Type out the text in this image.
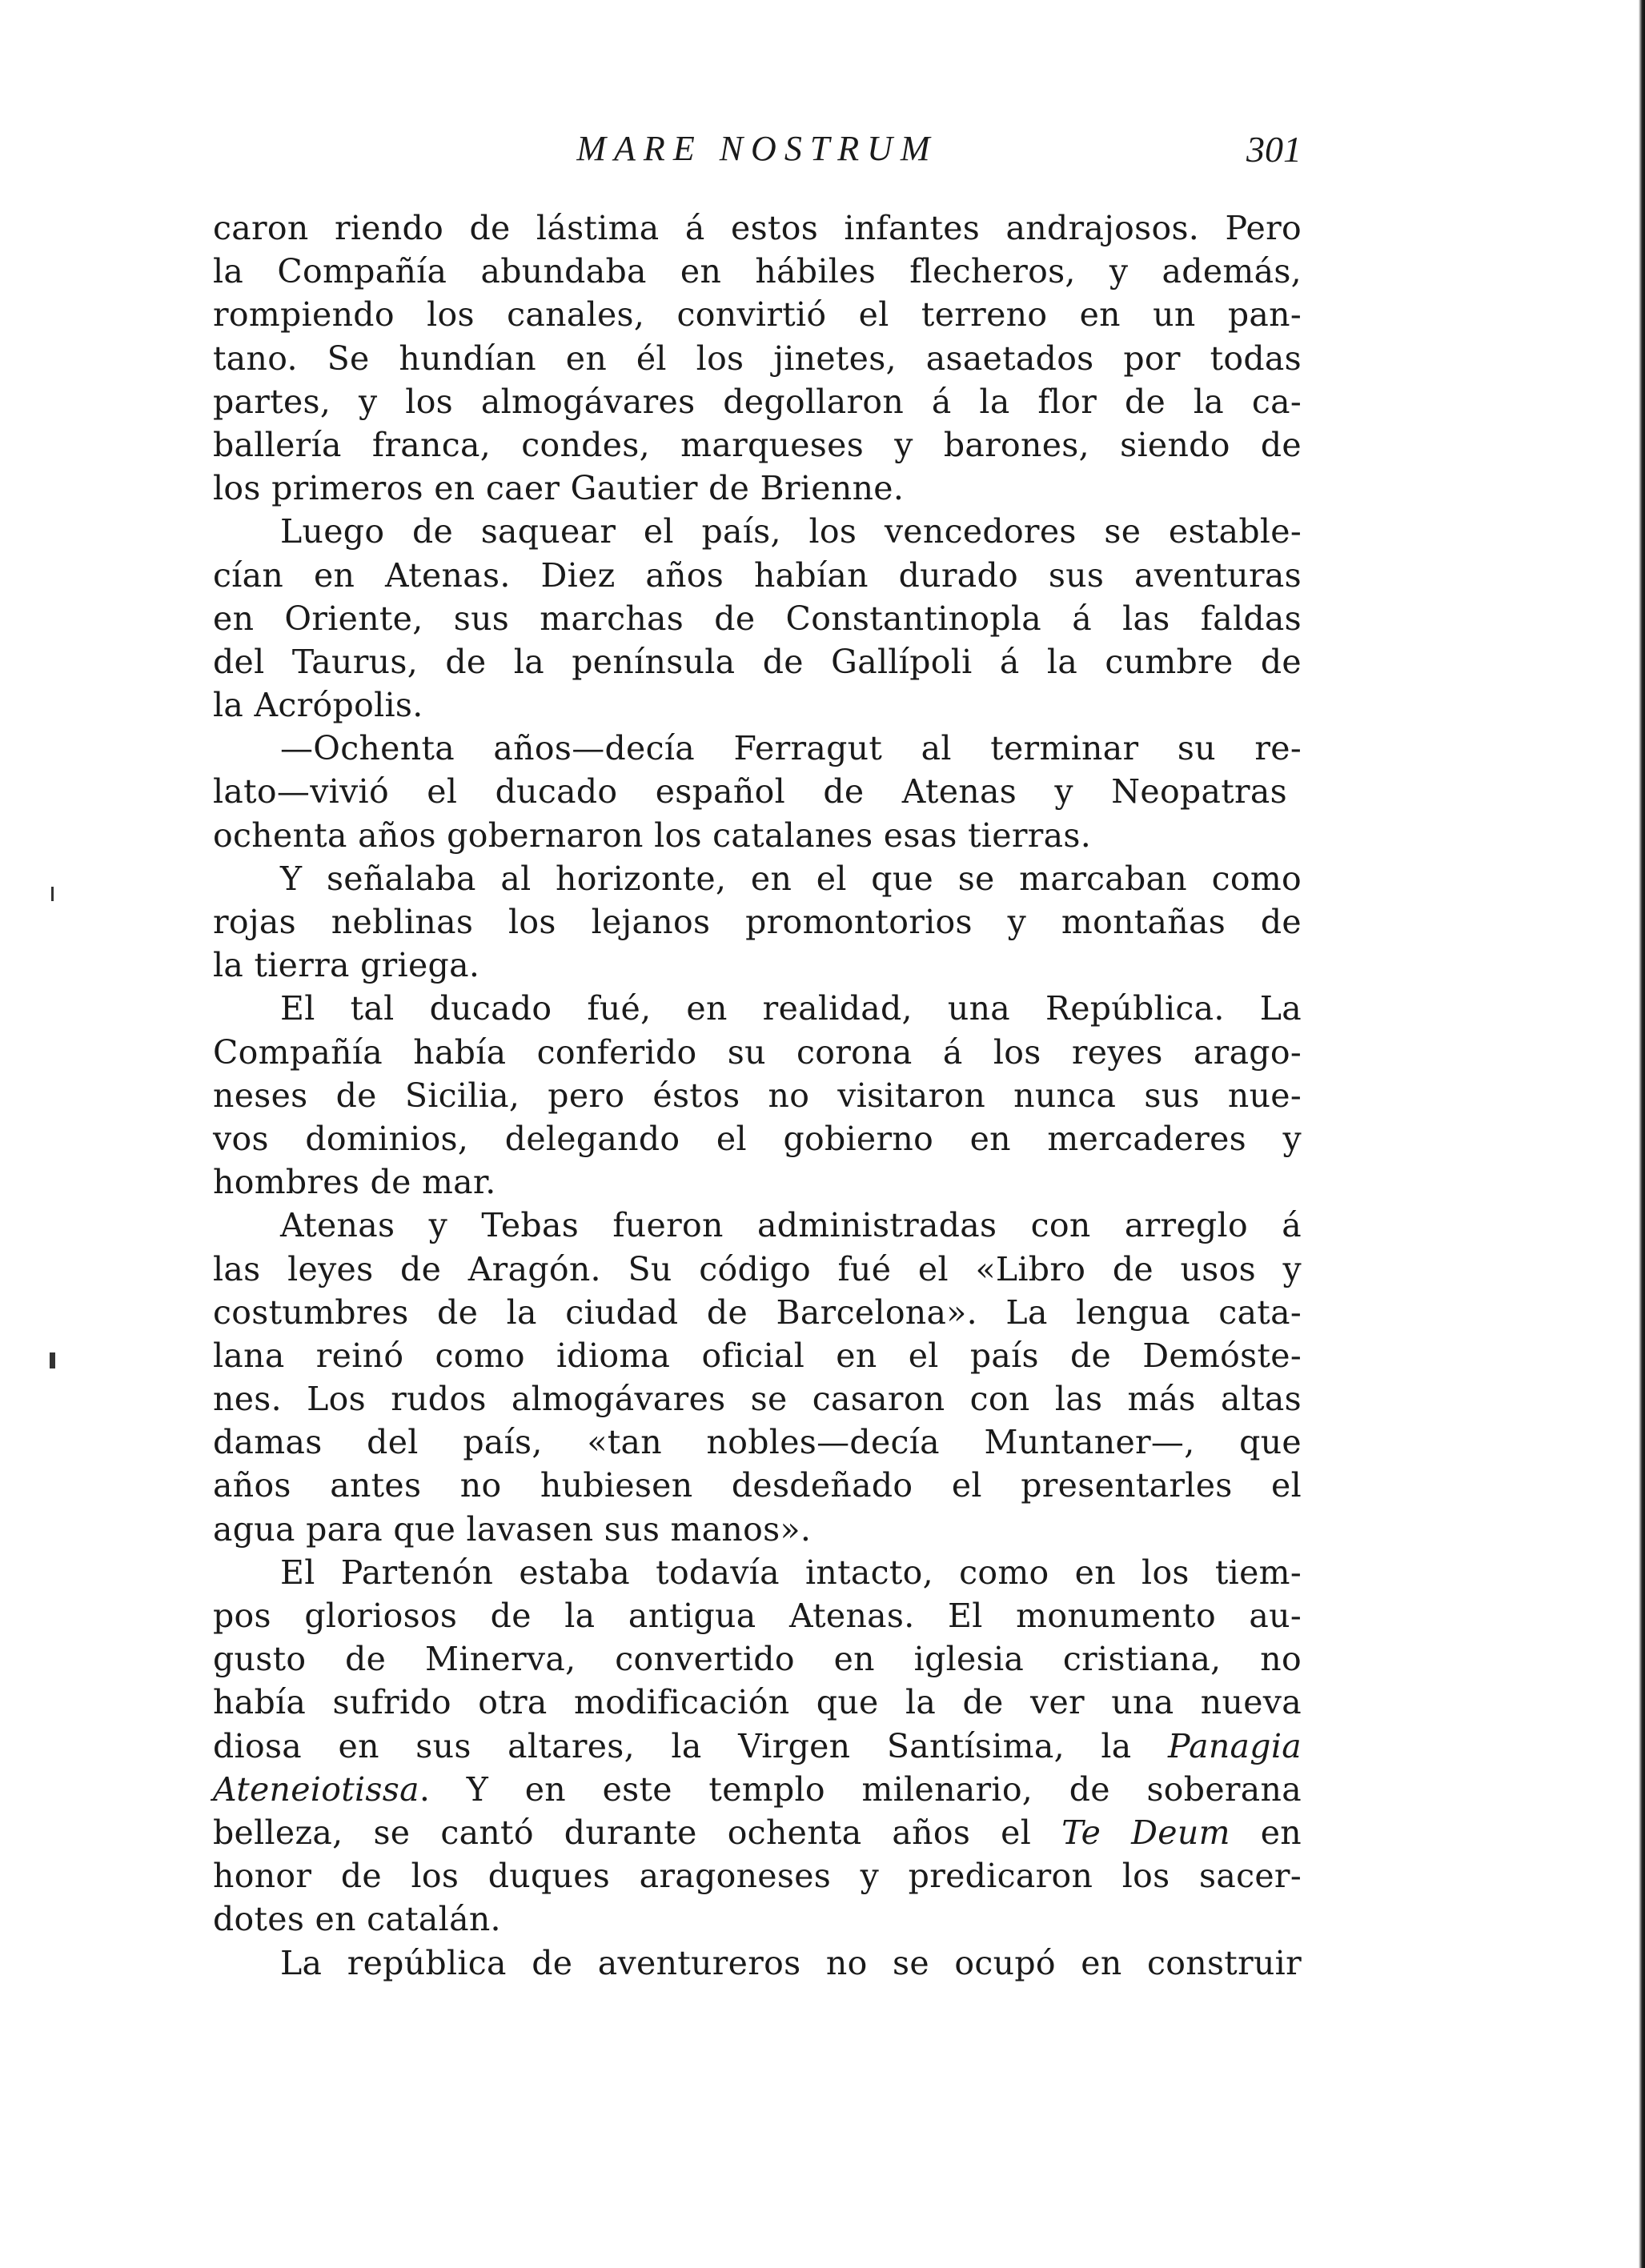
MARE NOSTRUM	301
caron riendo de lástima á estos infantes andrajosos. Pero
la Compañía abundaba en hábiles flecheros, y además,
rompiendo los canales, convirtió el terreno en un pan-
tano. Se hundían en él los jinetes, asaetados por todas
partes, y los almogávares degollaron á la flor de la ca-
ballería franca, condes, marqueses y barones, siendo de
los primeros en caer Gautier de Brienne.
Luego de saquear el país, los vencedores se estable-
cían en Atenas. Diez años habían durado sus aventuras
en Oriente, sus marchas de Constantinopla á las faldas
del Taurus, de la península de Gallípoli á la cumbre de
la Acrópolis.
—Ochenta años—decía Ferragut al terminar su re-
lato—vivió el ducado español de Atenas y Neopatras
ochenta años gobernaron los catalanes esas tierras.
Y señalaba al horizonte, en el que se marcaban como
rojas neblinas los lejanos promontorios y montañas de
la tierra griega.
El tal ducado fué, en realidad, una República. La
Compañía había conferido su corona á los reyes arago-
neses de Sicilia, pero éstos no visitaron nunca sus nue-
vos dominios, delegando el gobierno en mercaderes y
hombres de mar.
Atenas y Tebas fueron administradas con arreglo á
las leyes de Aragón. Su código fué el «Libro de usos y
costumbres de la ciudad de Barcelona». La lengua cata-
lana reinó como idioma oficial en el país de Demóste-
nes. Los rudos almogávares se casaron con las más altas
damas del país, «tan nobles—decía Muntaner—, que
años antes no hubiesen desdeñado el presentarles el
agua para que lavasen sus manos».
El Partenón estaba todavía intacto, como en los tiem-
pos gloriosos de la antigua Atenas. El monumento au-
gusto de Minerva, convertido en iglesia cristiana, no
había sufrido otra modificación que la de ver una nueva
diosa en sus altares, la Virgen Santísima, la Panagia
Ateneiotissa. Y en este templo milenario, de soberana
belleza, se cantó durante ochenta años el Te Deum en
honor de los duques aragoneses y predicaron los sacer-
dotes en catalán.
La república de aventureros no se ocupó en construir
